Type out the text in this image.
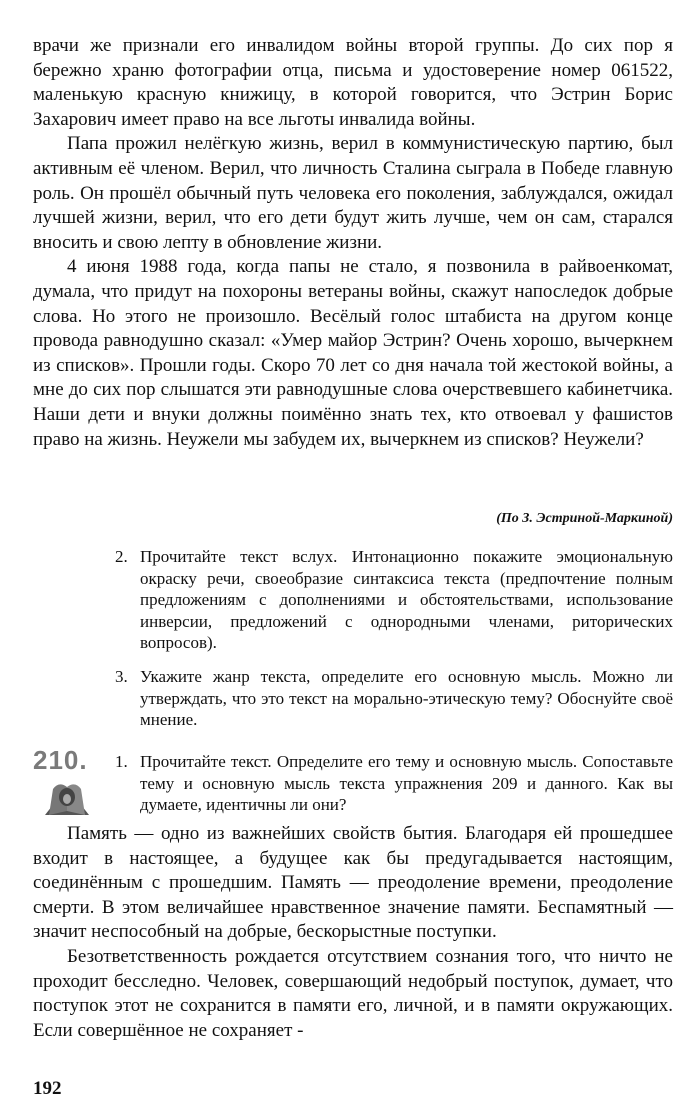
врачи же признали его инвалидом войны второй группы. До сих пор я бережно храню фотографии отца, письма и удостоверение номер 061522, маленькую красную книжицу, в которой говорится, что Эстрин Борис Захарович имеет право на все льготы инвалида войны.

Папа прожил нелёгкую жизнь, верил в коммунистическую партию, был активным её членом. Верил, что личность Сталина сыграла в Победе главную роль. Он прошёл обычный путь человека его поколения, заблуждался, ожидал лучшей жизни, верил, что его дети будут жить лучше, чем он сам, старался вносить и свою лепту в обновление жизни.

4 июня 1988 года, когда папы не стало, я позвонила в райвоенкомат, думала, что придут на похороны ветераны войны, скажут напоследок добрые слова. Но этого не произошло. Весёлый голос штабиста на другом конце провода равнодушно сказал: «Умер майор Эстрин? Очень хорошо, вычеркнем из списков». Прошли годы. Скоро 70 лет со дня начала той жестокой войны, а мне до сих пор слышатся эти равнодушные слова очерствевшего кабинетчика. Наши дети и внуки должны поимённо знать тех, кто отвоевал у фашистов право на жизнь. Неужели мы забудем их, вычеркнем из списков? Неужели?

(По З. Эстриной-Маркиной)
2. Прочитайте текст вслух. Интонационно покажите эмоциональную окраску речи, своеобразие синтаксиса текста (предпочтение полным предложениям с дополнениями и обстоятельствами, использование инверсии, предложений с однородными членами, риторических вопросов).
3. Укажите жанр текста, определите его основную мысль. Можно ли утверждать, что это текст на морально-этическую тему? Обоснуйте своё мнение.
210. 1. Прочитайте текст. Определите его тему и основную мысль. Сопоставьте тему и основную мысль текста упражнения 209 и данного. Как вы думаете, идентичны ли они?

Память — одно из важнейших свойств бытия. Благодаря ей прошедшее входит в настоящее, а будущее как бы предугадывается настоящим, соединённым с прошедшим. Память — преодоление времени, преодоление смерти. В этом величайшее нравственное значение памяти. Беспамятный — значит неспособный на добрые, бескорыстные поступки.

Безответственность рождается отсутствием сознания того, что ничто не проходит бесследно. Человек, совершающий недобрый поступок, думает, что поступок этот не сохранится в памяти его, личной, и в памяти окружающих. Если совершённое не сохраняет -

192
